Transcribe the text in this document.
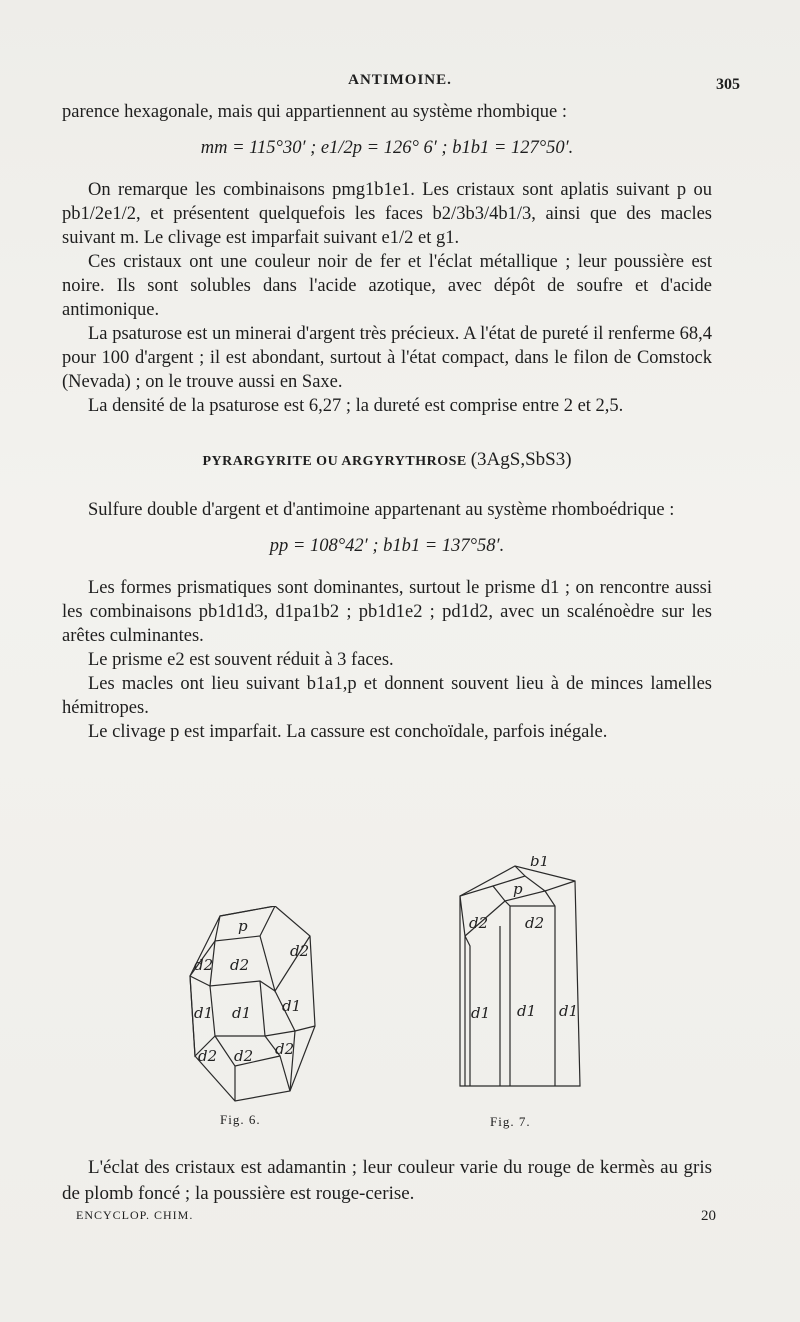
ANTIMOINE.	305

parence hexagonale, mais qui appartiennent au système rhombique :

mm = 115°30′ ; e1/2p = 126° 6′ ; b1b1 = 127°50′.

On remarque les combinaisons pmg1b1e1. Les cristaux sont aplatis suivant p ou pb1/2e1/2, et présentent quelquefois les faces b2/3b3/4b1/3, ainsi que des macles suivant m. Le clivage est imparfait suivant e1/2 et g1.

Ces cristaux ont une couleur noir de fer et l'éclat métallique ; leur poussière est noire. Ils sont solubles dans l'acide azotique, avec dépôt de soufre et d'acide antimonique.

La psaturose est un minerai d'argent très précieux. A l'état de pureté il renferme 68,4 pour 100 d'argent ; il est abondant, surtout à l'état compact, dans le filon de Comstock (Nevada) ; on le trouve aussi en Saxe.

La densité de la psaturose est 6,27 ; la dureté est comprise entre 2 et 2,5.

PYRARGYRITE OU ARGYRYTHROSE (3AgS,SbS3)

Sulfure double d'argent et d'antimoine appartenant au système rhomboédrique :

pp = 108°42′ ; b1b1 = 137°58′.

Les formes prismatiques sont dominantes, surtout le prisme d1 ; on rencontre aussi les combinaisons pb1d1d3, d1pa1b2 ; pb1d1e2 ; pd1d2, avec un scalénoèdre sur les arêtes culminantes.

Le prisme e2 est souvent réduit à 3 faces.

Les macles ont lieu suivant b1a1,p et donnent souvent lieu à de minces lamelles hémitropes.

Le clivage p est imparfait. La cassure est conchoïdale, parfois inégale.

p
d2 d2
d2
d1 d1 d1
d2 d2 d2
Fig. 6.
b1
p
d2 d2
d1 d1 d1
Fig. 7.

L'éclat des cristaux est adamantin ; leur couleur varie du rouge de kermès au gris de plomb foncé ; la poussière est rouge-cerise.

ENCYCLOP. CHIM.	20
